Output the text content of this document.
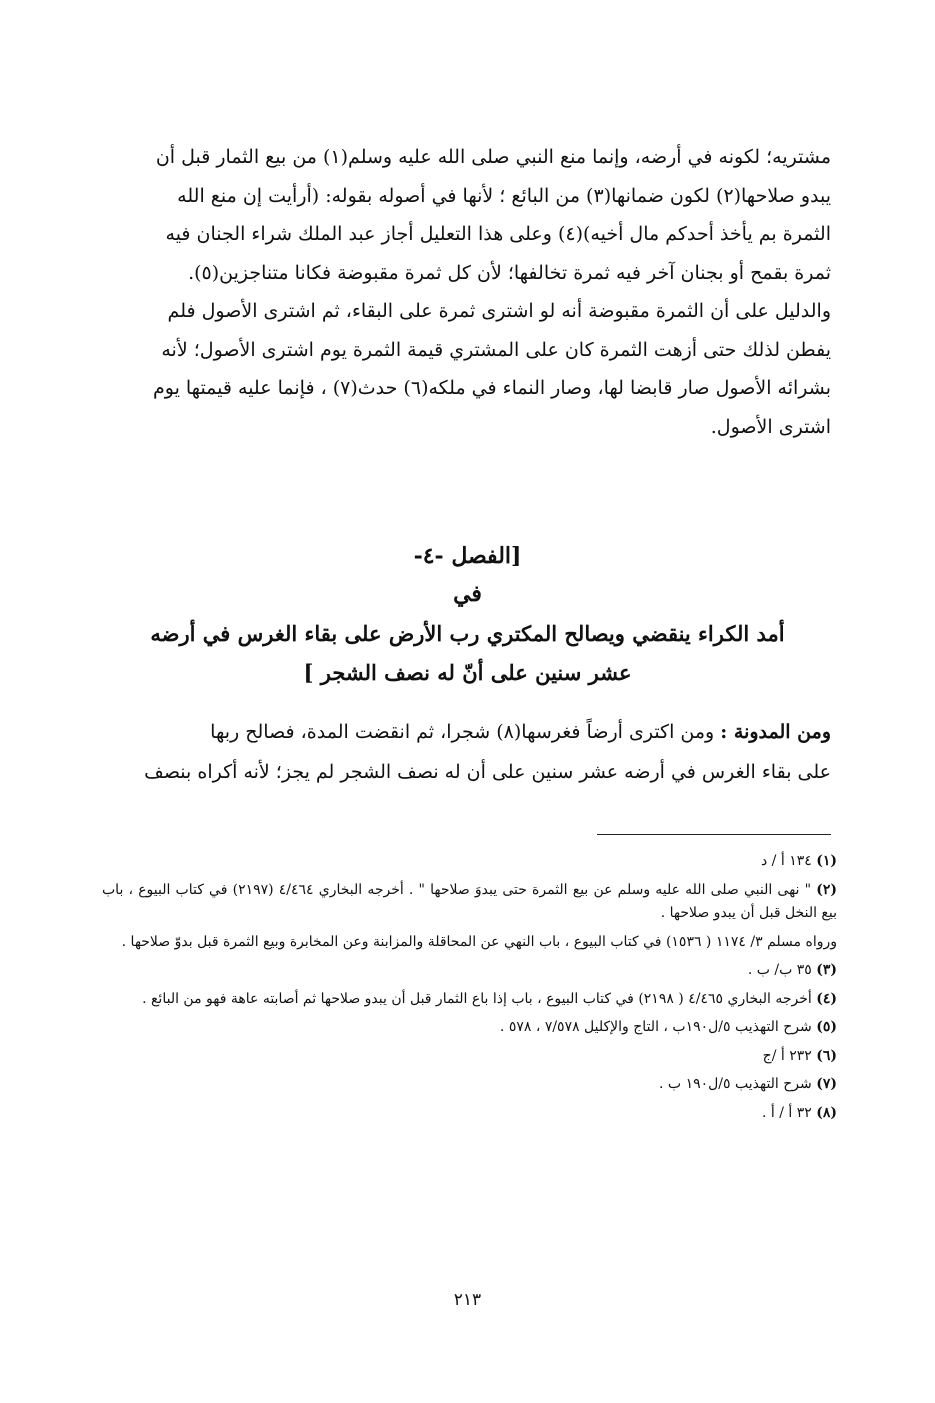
مشتريه؛ لكونه في أرضه، وإنما منع النبي صلى الله عليه وسلم(١) من بيع الثمار قبل أن

يبدو صلاحها(٢) لكون ضمانها(٣) من البائع ؛ لأنها في أصوله بقوله: (أرأيت إن منع الله

الثمرة بم يأخذ أحدكم مال أخيه)(٤) وعلى هذا التعليل أجاز عبد الملك شراء الجنان فيه

ثمرة بقمح أو بجنان آخر فيه ثمرة تخالفها؛ لأن كل ثمرة مقبوضة فكانا متناجزين(٥).

والدليل على أن الثمرة مقبوضة أنه لو اشترى ثمرة على البقاء، ثم اشترى الأصول فلم

يفطن لذلك حتى أزهت الثمرة كان على المشتري قيمة الثمرة يوم اشترى الأصول؛ لأنه

بشرائه الأصول صار قابضا لها، وصار النماء في ملكه(٦) حدث(٧) ، فإنما عليه قيمتها يوم

اشترى الأصول.

[الفصل -٤-

في

أمد الكراء ينقضي ويصالح المكتري رب الأرض على بقاء الغرس في أرضه

عشر سنين على أنّ له نصف الشجر ]

ومن المدونة : ومن اكترى أرضاً فغرسها(٨) شجرا، ثم انقضت المدة، فصالح ربها

على بقاء الغرس في أرضه عشر سنين على أن له نصف الشجر لم يجز؛ لأنه أكراه بنصف

(١) ١٣٤ أ / د

(٢) " نهى النبي صلى الله عليه وسلم عن بيع الثمرة حتى يبدوَ صلاحها " . أخرجه البخاري ٤/٤٦٤ (٢١٩٧) في كتاب البيوع ، باب بيع النخل قبل أن يبدو صلاحها .

ورواه مسلم ٣/ ١١٧٤ ( ١٥٣٦) في كتاب البيوع ، باب النهي عن المحاقلة والمزابنة وعن المخابرة وبيع الثمرة قبل بدوّ صلاحها .

(٣) ٣٥ ب/ ب .

(٤) أخرجه البخاري ٤/٤٦٥ ( ٢١٩٨) في كتاب البيوع ، باب إذا باع الثمار قبل أن يبدو صلاحها ثم أصابته عاهة فهو من البائع .

(٥) شرح التهذيب ٥/ل١٩٠ب ، التاج والإكليل ٧/٥٧٨ ، ٥٧٨ .

(٦) ٢٣٢ أ /ج

(٧) شرح التهذيب ٥/ل١٩٠ ب .

(٨) ٣٢ أ / أ .

٢١٣
